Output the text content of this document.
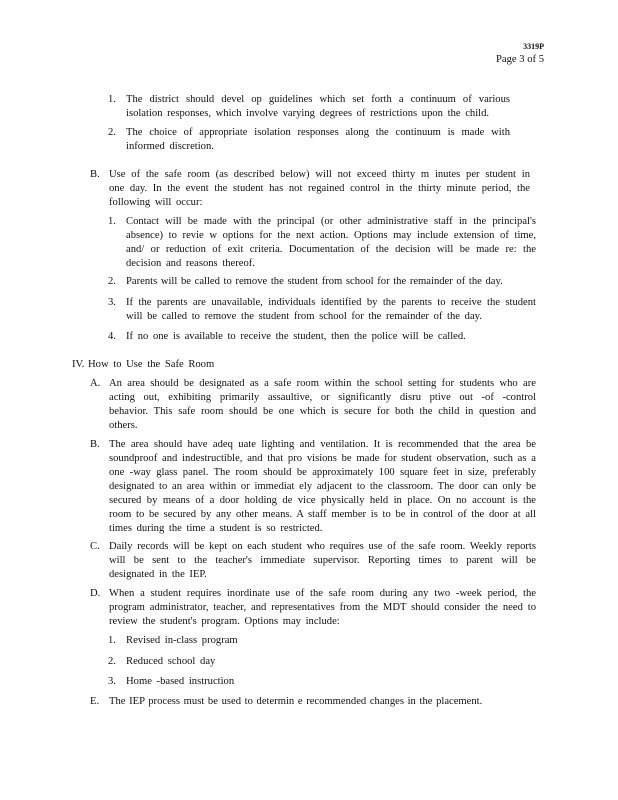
3319P
Page 3 of 5
1. The district should devel op guidelines which set forth a continuum of various isolation responses, which involve varying degrees of restrictions upon the child.
2. The choice of appropriate isolation responses along the continuum is made with informed discretion.
B. Use of the safe room (as described below) will not exceed thirty m inutes per student in one day. In the event the student has not regained control in the thirty minute period, the following will occur:
1. Contact will be made with the principal (or other administrative staff in the principal's absence) to revie w options for the next action. Options may include extension of time, and/ or reduction of exit criteria. Documentation of the decision will be made re: the decision and reasons thereof.
2. Parents will be called to remove the student from school for the remainder of the day.
3. If the parents are unavailable, individuals identified by the parents to receive the student will be called to remove the student from school for the remainder of the day.
4. If no one is available to receive the student, then the police will be called.
IV. How to Use the Safe Room
A. An area should be designated as a safe room within the school setting for students who are acting out, exhibiting primarily assaultive, or significantly disru ptive out -of -control behavior. This safe room should be one which is secure for both the child in question and others.
B. The area should have adeq uate lighting and ventilation. It is recommended that the area be soundproof and indestructible, and that pro visions be made for student observation, such as a one -way glass panel. The room should be approximately 100 square feet in size, preferably designated to an area within or immediat ely adjacent to the classroom. The door can only be secured by means of a door holding de vice physically held in place. On no account is the room to be secured by any other means. A staff member is to be in control of the door at all times during the time a student is so restricted.
C. Daily records will be kept on each student who requires use of the safe room. Weekly reports will be sent to the teacher's immediate supervisor. Reporting times to parent will be designated in the IEP.
D. When a student requires inordinate use of the safe room during any two -week period, the program administrator, teacher, and representatives from the MDT should consider the need to review the student's program. Options may include:
1. Revised in-class program
2. Reduced school day
3. Home -based instruction
E. The IEP process must be used to determin e recommended changes in the placement.
